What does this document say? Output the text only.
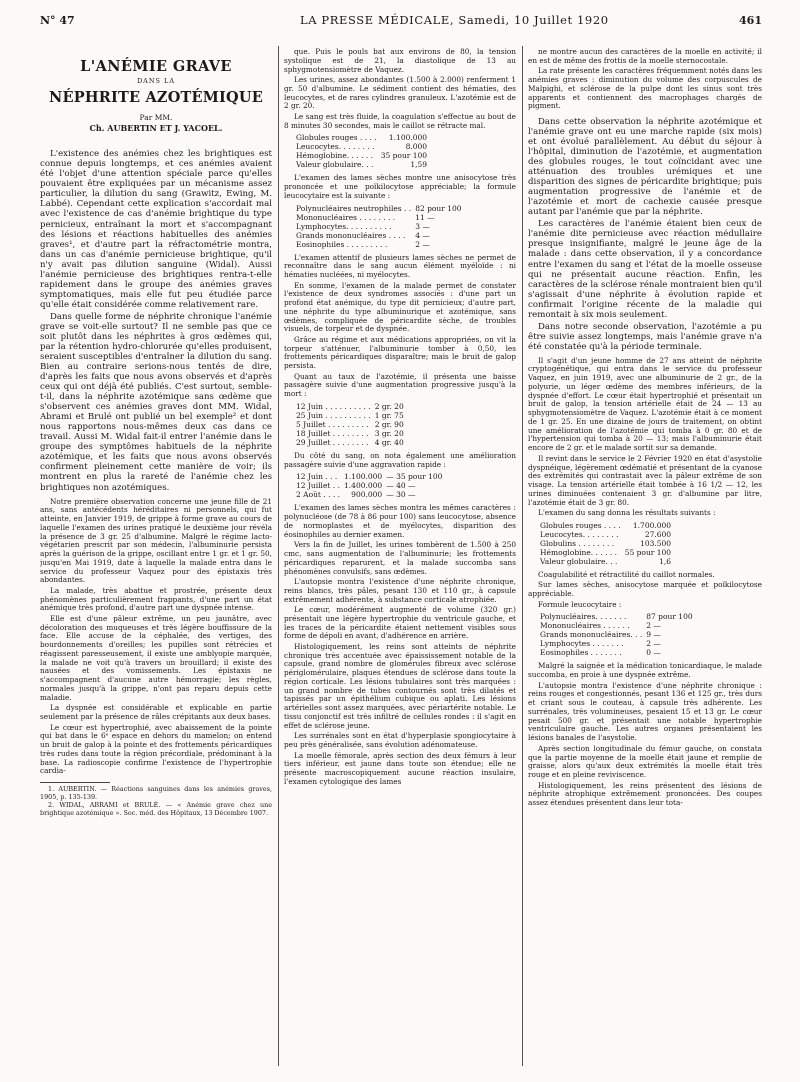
N° 47	LA PRESSE MÉDICALE, Samedi, 10 Juillet 1920	461
L'ANÉMIE GRAVE
DANS LA
NÉPHRITE AZOTÉMIQUE
Par MM.
Ch. AUBERTIN ET J. YACOEL.

L'existence des anémies chez les brightiques est connue depuis longtemps, et ces anémies avaient été l'objet d'une attention spéciale parce qu'elles pouvaient être expliquées par un mécanisme assez particulier, la dilution du sang (Grawitz, Ewing, M. Labbé). Cependant cette explication s'accordait mal avec l'existence de cas d'anémie brightique du type pernicieux, entraînant la mort et s'accompagnant des lésions et réactions habituelles des anémies graves¹, et d'autre part la réfractométrie montra, dans un cas d'anémie pernicieuse brightique, qu'il n'y avait pas dilution sanguine (Widal). Aussi l'anémie pernicieuse des brightiques rentra-t-elle rapidement dans le groupe des anémies graves symptomatiques, mais elle fut peu étudiée parce qu'elle était considérée comme relativement rare.

Dans quelle forme de néphrite chronique l'anémie grave se voit-elle surtout? Il ne semble pas que ce soit plutôt dans les néphrites à gros œdèmes qui, par la rétention hydro-chlorurée qu'elles produisent, seraient susceptibles d'entraîner la dilution du sang. Bien au contraire serions-nous tentés de dire, d'après les faits que nous avons observés et d'après ceux qui ont déjà été publiés. C'est surtout, semble-t-il, dans la néphrite azotémique sans œdème que s'observent ces anémies graves dont MM. Widal, Abrami et Brulé ont publié un bel exemple² et dont nous rapportons nous-mêmes deux cas dans ce travail. Aussi M. Widal fait-il entrer l'anémie dans le groupe des symptômes habituels de la néphrite azotémique, et les faits que nous avons observés confirment pleinement cette manière de voir; ils montrent en plus la rareté de l'anémie chez les brightiques non azotémiques.

Notre première observation concerne une jeune fille de 21 ans, sans antécédents héréditaires ni personnels, qui fut atteinte, en Janvier 1919, de grippe à forme grave au cours de laquelle l'examen des urines pratiqué le deuxième jour révéla la présence de 3 gr. 25 d'albumine. Malgré le régime lacto-végétarien prescrit par son médecin, l'albuminurie persista après la guérison de la grippe, oscillant entre 1 gr. et 1 gr. 50, jusqu'en Mai 1919, date à laquelle la malade entra dans le service du professeur Vaquez pour des épistaxis très abondantes.

La malade, très abattue et prostrée, présente deux phénomènes particulièrement frappants, d'une part un état anémique très profond, d'autre part une dyspnée intense.

Elle est d'une pâleur extrême, un peu jaunâtre, avec décoloration des muqueuses et très légère bouffissure de la face. Elle accuse de la céphalée, des vertiges, des bourdonnements d'oreilles; les pupilles sont rétrécies et réagissent paresseusement, il existe une amblyopie marquée, la malade ne voit qu'à travers un brouillard; il existe des nausées et des vomissements. Les épistaxis ne s'accompagnent d'aucune autre hémorragie; les règles, normales jusqu'à la grippe, n'ont pas reparu depuis cette maladie.

La dyspnée est considérable et explicable en partie seulement par la présence de râles crépitants aux deux bases.

Le cœur est hypertrophié, avec abaissement de la pointe qui bat dans le 6ᵉ espace en dehors du mamelon; on entend un bruit de galop à la pointe et des frottements péricardiques très rudes dans toute la région précordiale, prédominant à la base. La radioscopie confirme l'existence de l'hypertrophie cardia-

1. AUBERTIN. — Réactions sanguines dans les anémies graves, 1905, p. 135-139.

2. WIDAL, ABRAMI et BRULÉ. — « Anémie grave chez une brightique azotémique ». Soc. méd. des Hôpitaux, 13 Décembre 1907.

que. Puis le pouls bat aux environs de 80, la tension systolique est de 21, la diastolique de 13 au sphygmotensiomètre de Vaquez.

Les urines, assez abondantes (1.500 à 2.000) renferment 1 gr. 50 d'albumine. Le sédiment contient des hématies, des leucocytes, et de rares cylindres granuleux. L'azotémie est de 2 gr. 20.

Le sang est très fluide, la coagulation s'effectue au bout de 8 minutes 30 secondes, mais le caillot se rétracte mal.

Globules rouges . . . .	1.100.000
Leucocytes. . . . . . . .	8.000
Hémoglobine. . . . . .	35 pour 100
Valeur globulaire. . .	1,59

L'examen des lames sèches montre une anisocytose très prononcée et une poïkilocytose appréciable; la formule leucocytaire est la suivante :

Polynucléaires neutrophiles . .	82 pour 100
Mononucléaires . . . . . . . .	11 —
Lymphocytes. . . . . . . . . .	3 —
Grands mononucléaires . . . .	4 —
Eosinophiles . . . . . . . . .	2 —

L'examen attentif de plusieurs lames sèches ne permet de reconnaître dans le sang aucun élément myéloïde : ni hématies nucléées, ni myélocytes.

En somme, l'examen de la malade permet de constater l'existence de deux syndromes associés : d'une part un profond état anémique, du type dit pernicieux; d'autre part, une néphrite du type albuminurique et azotémique, sans œdèmes, compliquée de péricardite sèche, de troubles visuels, de torpeur et de dyspnée.

Grâce au régime et aux médications appropriées, on vit la torpeur s'atténuer, l'albuminurie tomber à 0,50, les frottements péricardiques disparaître; mais le bruit de galop persista.

Quant au taux de l'azotémie, il présenta une baisse passagère suivie d'une augmentation progressive jusqu'à la mort :

12 Juin . . . . . . . . . .	2 gr. 20
25 Juin . . . . . . . . . .	1 gr. 75
5 Juillet . . . . . . . . .	2 gr. 90
18 Juillet . . . . . . . .	3 gr. 20
29 Juillet . . . . . . . .	4 gr. 40

Du côté du sang, on nota également une amélioration passagère suivie d'une aggravation rapide :

12 Juin . . .	1.100.000	— 35 pour 100
12 Juillet . .	1.400.000	— 40 —
2 Août . . . .	900.000	— 30 —

L'examen des lames sèches montra les mêmes caractères : polynucléose (de 78 à 86 pour 100) sans leucocytose, absence de normoplastes et de myélocytes, disparition des éosinophiles au dernier examen.

Vers la fin de Juillet, les urines tombèrent de 1.500 à 250 cmc, sans augmentation de l'albuminurie; les frottements péricardiques reparurent, et la malade succomba sans phénomènes convulsifs, sans œdèmes.

L'autopsie montra l'existence d'une néphrite chronique, reins blancs, très pâles, pesant 130 et 110 gr., à capsule extrêmement adhérente, à substance corticale atrophiée.

Le cœur, modérément augmenté de volume (320 gr.) présentait une légère hypertrophie du ventricule gauche, et les traces de la péricardite étaient nettement visibles sous forme de dépoli en avant, d'adhérence en arrière.

Histologiquement, les reins sont atteints de néphrite chronique très accentuée avec épaississement notable de la capsule, grand nombre de glomérules fibreux avec sclérose périglomérulaire, plaques étendues de sclérose dans toute la région corticale. Les lésions tubulaires sont très marquées : un grand nombre de tubes contournés sont très dilatés et tapissés par un épithélium cubique ou aplati. Les lésions artérielles sont assez marquées, avec périartérite notable. Le tissu conjonctif est très infiltré de cellules rondes : il s'agit en effet de sclérose jeune.

Les surrénales sont en état d'hyperplasie spongiocytaire à peu près généralisée, sans évolution adénomateuse.

La moelle fémorale, après section des deux fémurs à leur tiers inférieur, est jaune dans toute son étendue; elle ne présente macroscopiquement aucune réaction insulaire, l'examen cytologique des lames

ne montre aucun des caractères de la moelle en activité; il en est de même des frottis de la moelle sternocostale.

La rate présente les caractères fréquemment notés dans les anémies graves : diminution du volume des corpuscules de Malpighi, et sclérose de la pulpe dont les sinus sont très apparents et contiennent des macrophages chargés de pigment.

Dans cette observation la néphrite azotémique et l'anémie grave ont eu une marche rapide (six mois) et ont évolué parallèlement. Au début du séjour à l'hôpital, diminution de l'azotémie, et augmentation des globules rouges, le tout coïncidant avec une atténuation des troubles urémiques et une disparition des signes de péricardite brightique; puis augmentation progressive de l'anémie et de l'azotémie et mort de cachexie causée presque autant par l'anémie que par la néphrite.

Les caractères de l'anémie étaient bien ceux de l'anémie dite pernicieuse avec réaction médullaire presque insignifiante, malgré le jeune âge de la malade : dans cette observation, il y a concordance entre l'examen du sang et l'état de la moelle osseuse qui ne présentait aucune réaction. Enfin, les caractères de la sclérose rénale montraient bien qu'il s'agissait d'une néphrite à évolution rapide et confirmait l'origine récente de la maladie qui remontait à six mois seulement.

Dans notre seconde observation, l'azotémie a pu être suivie assez longtemps, mais l'anémie grave n'a été constatée qu'à la période terminale.

Il s'agit d'un jeune homme de 27 ans atteint de néphrite cryptogénétique, qui entra dans le service du professeur Vaquez, en juin 1919, avec une albuminurie de 2 gr., de la polyurie, un léger œdème des membres inférieurs, de la dyspnée d'effort. Le cœur était hypertrophié et présentait un bruit de galop, la tension artérielle était de 24 — 13 au sphygmotensiomètre de Vaquez. L'azotémie était à ce moment de 1 gr. 25. En une dizaine de jours de traitement, on obtint une amélioration de l'azotémie qui tomba à 0 gr. 80 et de l'hypertension qui tomba à 20 — 13; mais l'albuminurie était encore de 2 gr. et le malade sortit sur sa demande.

Il revint dans le service le 2 Février 1920 en état d'asystolie dyspnéique, légèrement œdématié et présentant de la cyanose des extrémités qui contrastait avec la pâleur extrême de son visage. La tension artérielle était tombée à 16 1/2 — 12, les urines diminuées contenaient 3 gr. d'albumine par litre, l'azotémie était de 3 gr. 80.

L'examen du sang donna les résultats suivants :

Globules rouges . . . .	1.700.000
Leucocytes. . . . . . . .	27.600
Globulins . . . . . . . .	103.500
Hémoglobine. . . . . .	55 pour 100
Valeur globulaire. . .	1,6

Coagulabilité et rétractilité du caillot normales.

Sur lames sèches, anisocytose marquée et poïkilocytose appréciable.

Formule leucocytaire :

Polynucléaires. . . . . . .	87 pour 100
Mononucléaires . . . . . .	2 —
Grands mononucléaires. . .	9 —
Lymphocytes . . . . . . .	2 —
Eosinophiles . . . . . . .	0 —

Malgré la saignée et la médication tonicardiaque, le malade succomba, en proie à une dyspnée extrême.

L'autopsie montra l'existence d'une néphrite chronique : reins rouges et congestionnés, pesant 136 et 125 gr., très durs et criant sous le couteau, à capsule très adhérente. Les surrénales, très volumineuses, pesaient 15 et 13 gr. Le cœur pesait 500 gr. et présentait une notable hypertrophie ventriculaire gauche. Les autres organes présentaient les lésions banales de l'asystolie.

Après section longitudinale du fémur gauche, on constata que la partie moyenne de la moelle était jaune et remplie de graisse, alors qu'aux deux extrémités la moelle était très rouge et en pleine reviviscence.

Histologiquement, les reins présentent des lésions de néphrite atrophique extrêmement prononcées. Des coupes assez étendues présentent dans leur tota-
